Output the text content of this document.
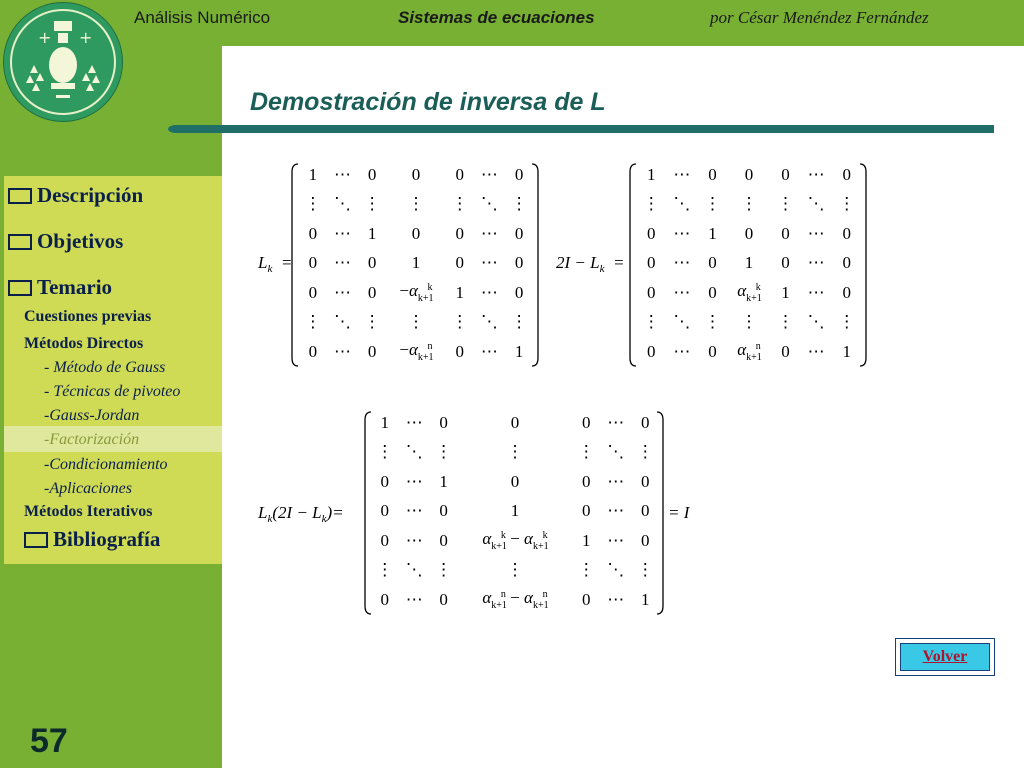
+ +
Análisis Numérico	Sistemas de ecuaciones	por César Menéndez Fernández
Demostración de inversa de L
Descripción
Objetivos
Temario
Cuestiones previas
Métodos Directos
- Método de Gauss
- Técnicas de pivoteo
-Gauss-Jordan
-Factorización
-Condicionamiento
-Aplicaciones
Métodos Iterativos
Bibliografía
57
$L_k$  =
1	⋯	0	0	0	⋯	0
⋮	⋱	⋮	⋮	⋮	⋱	⋮
0	⋯	1	0	0	⋯	0
0	⋯	0	1	0	⋯	0
0	⋯	0	$-\alpha_{k+1}^k$	1	⋯	0
⋮	⋱	⋮	⋮	⋮	⋱	⋮
0	⋯	0	$-\alpha_{k+1}^n$	0	⋯	1
$2I - L_k$  =
1	⋯	0	0	0	⋯	0
⋮	⋱	⋮	⋮	⋮	⋱	⋮
0	⋯	1	0	0	⋯	0
0	⋯	0	1	0	⋯	0
0	⋯	0	$\alpha_{k+1}^k$	1	⋯	0
⋮	⋱	⋮	⋮	⋮	⋱	⋮
0	⋯	0	$\alpha_{k+1}^n$	0	⋯	1
$L_k(2I - L_k)=$
1	⋯	0	0	0	⋯	0
⋮	⋱	⋮	⋮	⋮	⋱	⋮
0	⋯	1	0	0	⋯	0
0	⋯	0	1	0	⋯	0
0	⋯	0	$\alpha_{k+1}^k - \alpha_{k+1}^k$	1	⋯	0
⋮	⋱	⋮	⋮	⋮	⋱	⋮
0	⋯	0	$\alpha_{k+1}^n - \alpha_{k+1}^n$	0	⋯	1
= I
Volver
